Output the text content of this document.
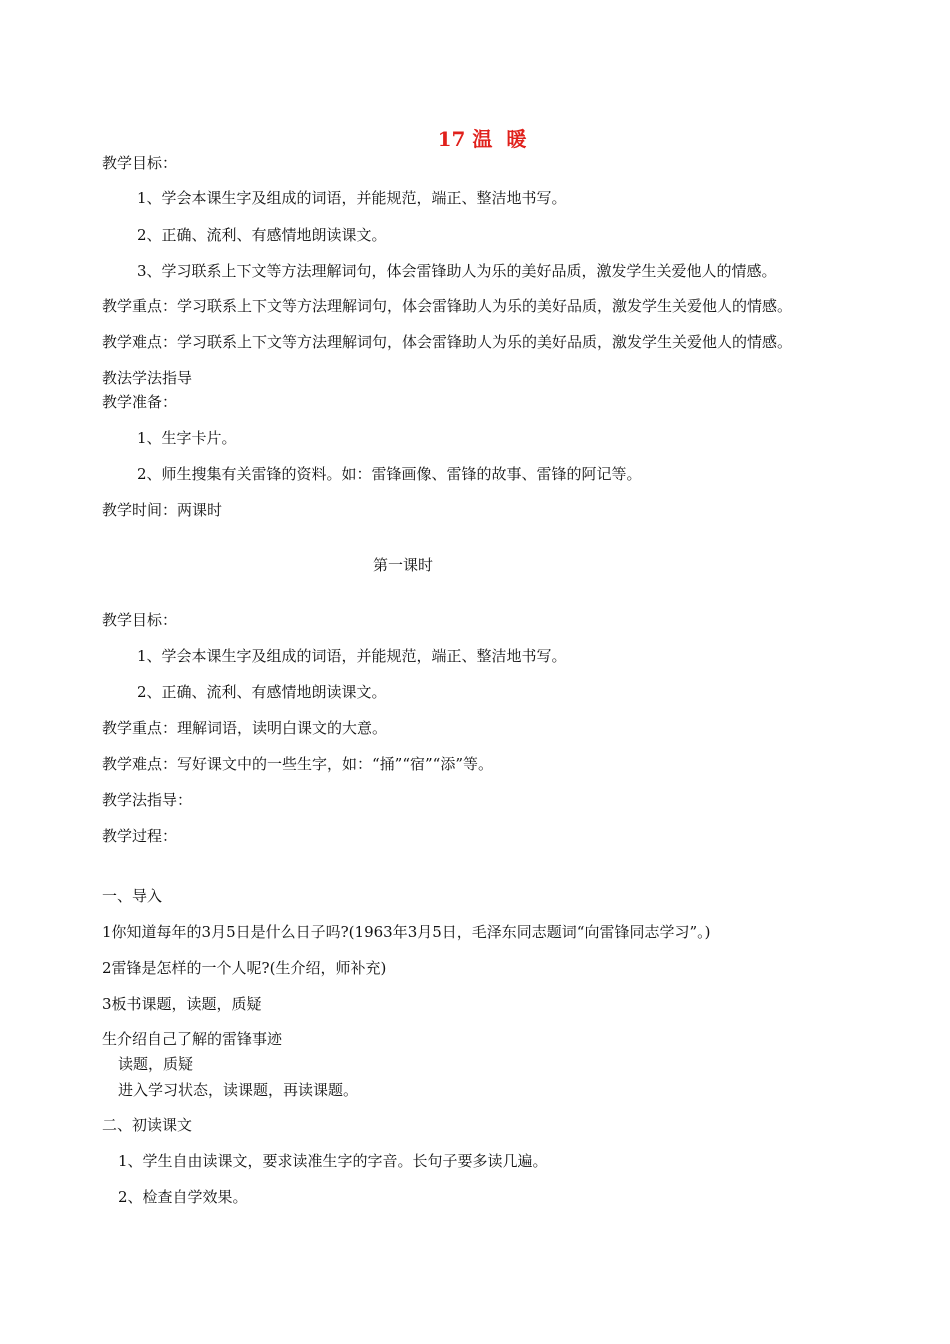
17 温  暖
教学目标：
1、学会本课生字及组成的词语，并能规范，端正、整洁地书写。
2、正确、流利、有感情地朗读课文。
3、学习联系上下文等方法理解词句，体会雷锋助人为乐的美好品质，激发学生关爱他人的情感。
教学重点：学习联系上下文等方法理解词句，体会雷锋助人为乐的美好品质，激发学生关爱他人的情感。
教学难点：学习联系上下文等方法理解词句，体会雷锋助人为乐的美好品质，激发学生关爱他人的情感。
教法学法指导
教学准备：
1、生字卡片。
2、师生搜集有关雷锋的资料。如：雷锋画像、雷锋的故事、雷锋的阿记等。
教学时间：两课时
第一课时
教学目标：
1、学会本课生字及组成的词语，并能规范，端正、整洁地书写。
2、正确、流利、有感情地朗读课文。
教学重点：理解词语，读明白课文的大意。
教学难点：写好课文中的一些生字，如：“捅”“宿”“添”等。
教学法指导：
教学过程：
一、导入
1你知道每年的3月5日是什么日子吗?(1963年3月5日，毛泽东同志题词“向雷锋同志学习”。)
2雷锋是怎样的一个人呢?(生介绍，师补充)
3板书课题，读题，质疑
生介绍自己了解的雷锋事迹
读题，质疑
进入学习状态，读课题，再读课题。
二、初读课文
1、学生自由读课文，要求读准生字的字音。长句子要多读几遍。
2、检查自学效果。
